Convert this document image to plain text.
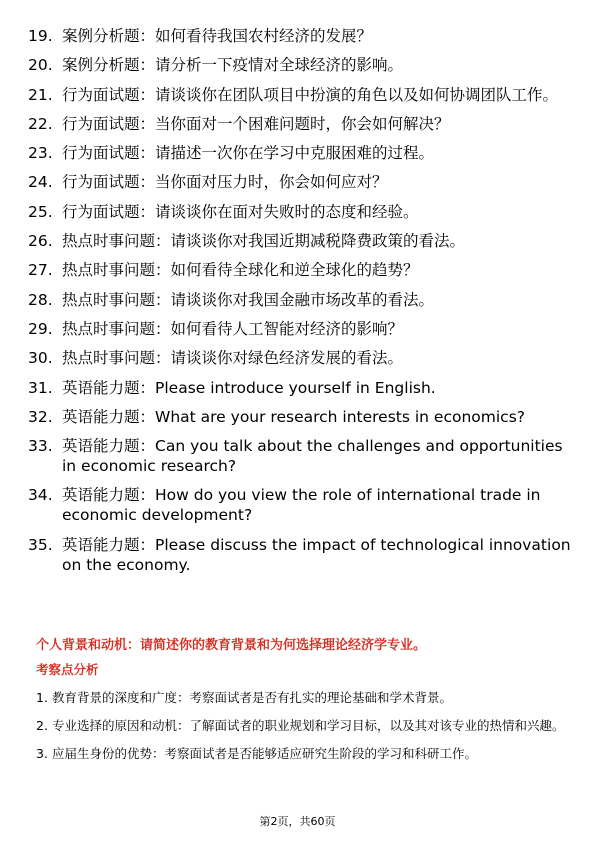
19. 案例分析题：如何看待我国农村经济的发展？
20. 案例分析题：请分析一下疫情对全球经济的影响。
21. 行为面试题：请谈谈你在团队项目中扮演的角色以及如何协调团队工作。
22. 行为面试题：当你面对一个困难问题时，你会如何解决？
23. 行为面试题：请描述一次你在学习中克服困难的过程。
24. 行为面试题：当你面对压力时，你会如何应对？
25. 行为面试题：请谈谈你在面对失败时的态度和经验。
26. 热点时事问题：请谈谈你对我国近期减税降费政策的看法。
27. 热点时事问题：如何看待全球化和逆全球化的趋势？
28. 热点时事问题：请谈谈你对我国金融市场改革的看法。
29. 热点时事问题：如何看待人工智能对经济的影响？
30. 热点时事问题：请谈谈你对绿色经济发展的看法。
31. 英语能力题：Please introduce yourself in English.
32. 英语能力题：What are your research interests in economics?
33. 英语能力题：Can you talk about the challenges and opportunities in economic research?
34. 英语能力题：How do you view the role of international trade in economic development?
35. 英语能力题：Please discuss the impact of technological innovation on the economy.
个人背景和动机：请简述你的教育背景和为何选择理论经济学专业。
考察点分析
1. 教育背景的深度和广度：考察面试者是否有扎实的理论基础和学术背景。
2. 专业选择的原因和动机：了解面试者的职业规划和学习目标，以及其对该专业的热情和兴趣。
3. 应届生身份的优势：考察面试者是否能够适应研究生阶段的学习和科研工作。
第2页，共60页
